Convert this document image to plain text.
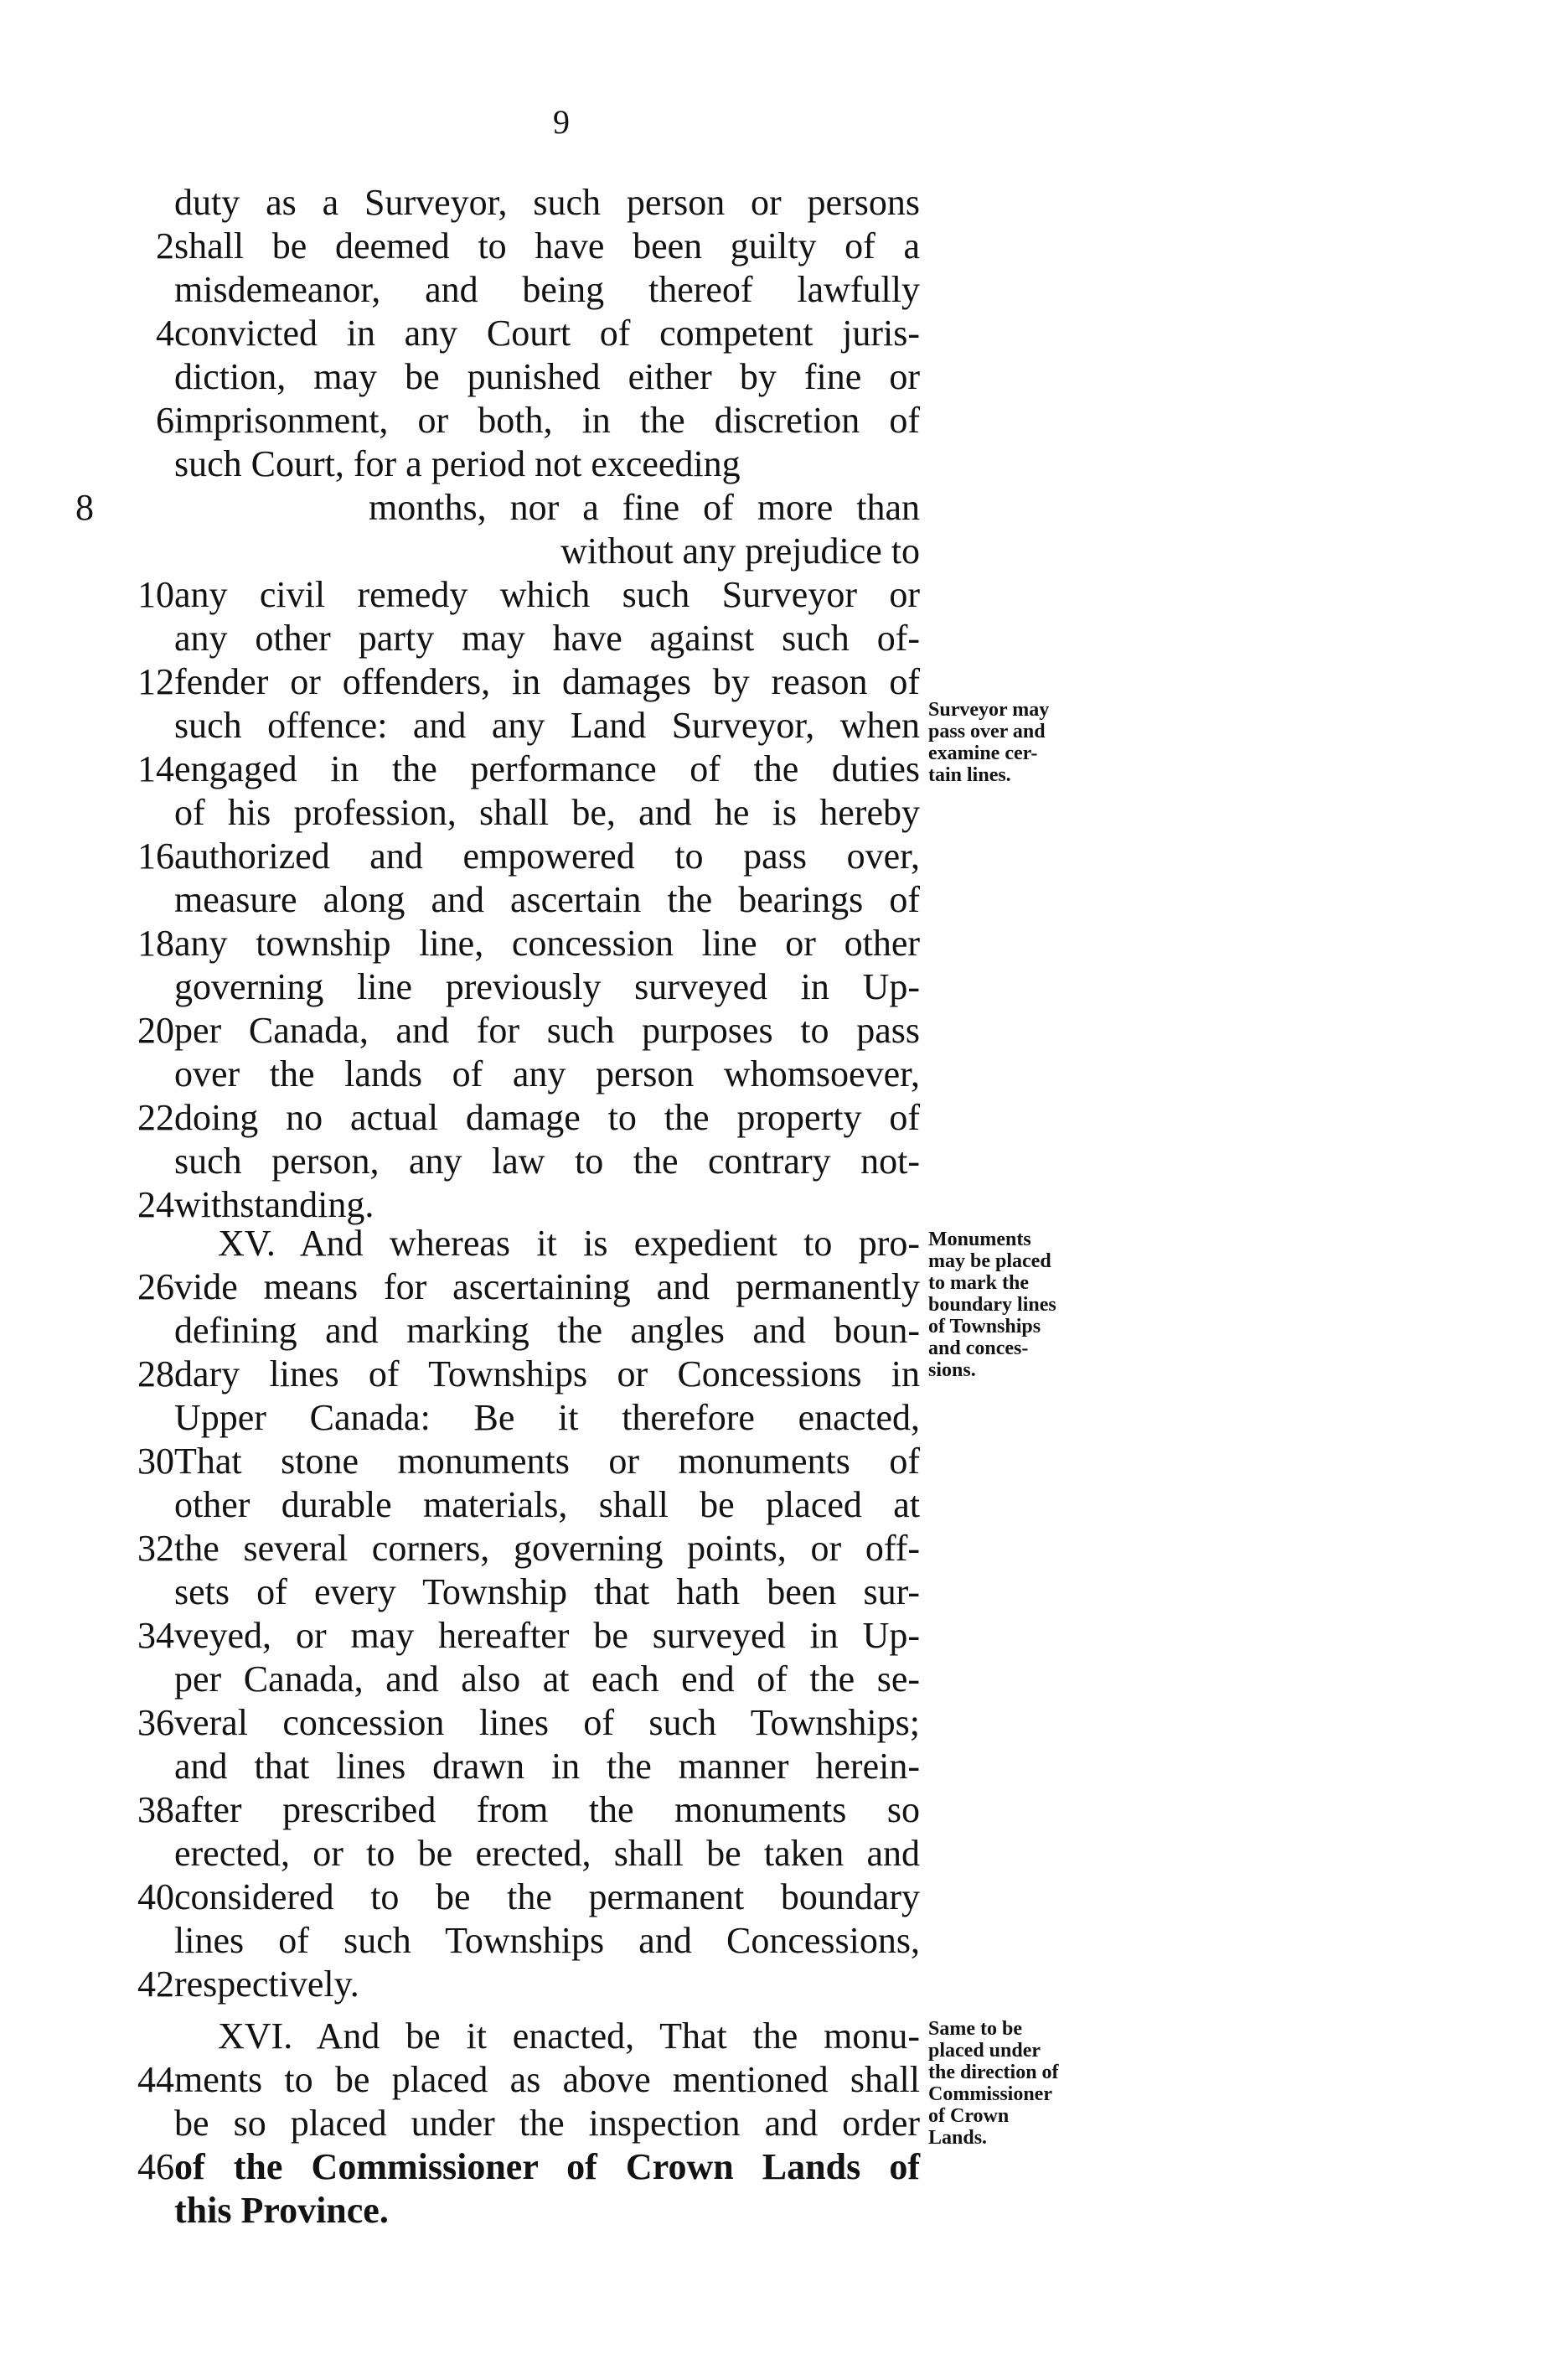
9
duty as a Surveyor, such person or persons
2 shall be deemed to have been guilty of a
misdemeanor, and being thereof lawfully
4 convicted in any Court of competent juris-
diction, may be punished either by fine or
6 imprisonment, or both, in the discretion of
such Court, for a period not exceeding
8	months, nor a fine of more than
without any prejudice to
10 any civil remedy which such Surveyor or
any other party may have against such of-
12 fender or offenders, in damages by reason of
such offence: and any Land Surveyor, when
14 engaged in the performance of the duties
of his profession, shall be, and he is hereby
16 authorized and empowered to pass over,
measure along and ascertain the bearings of
18 any township line, concession line or other
governing line previously surveyed in Up-
20 per Canada, and for such purposes to pass
over the lands of any person whomsoever,
22 doing no actual damage to the property of
such person, any law to the contrary not-
24 withstanding.
Surveyor may
pass over and
examine cer-
tain lines.
XV. And whereas it is expedient to pro-
26 vide means for ascertaining and permanently
defining and marking the angles and boun-
28 dary lines of Townships or Concessions in
Upper Canada: Be it therefore enacted,
30 That stone monuments or monuments of
other durable materials, shall be placed at
32 the several corners, governing points, or off-
sets of every Township that hath been sur-
34 veyed, or may hereafter be surveyed in Up-
per Canada, and also at each end of the se-
36 veral concession lines of such Townships;
and that lines drawn in the manner herein-
38 after prescribed from the monuments so
erected, or to be erected, shall be taken and
40 considered to be the permanent boundary
lines of such Townships and Concessions,
42 respectively.
Monuments
may be placed
to mark the
boundary lines
of Townships
and conces-
sions.
XVI. And be it enacted, That the monu-
44 ments to be placed as above mentioned shall
be so placed under the inspection and order
46 of the Commissioner of Crown Lands of
this Province.
Same to be
placed under
the direction of
Commissioner
of Crown
Lands.
